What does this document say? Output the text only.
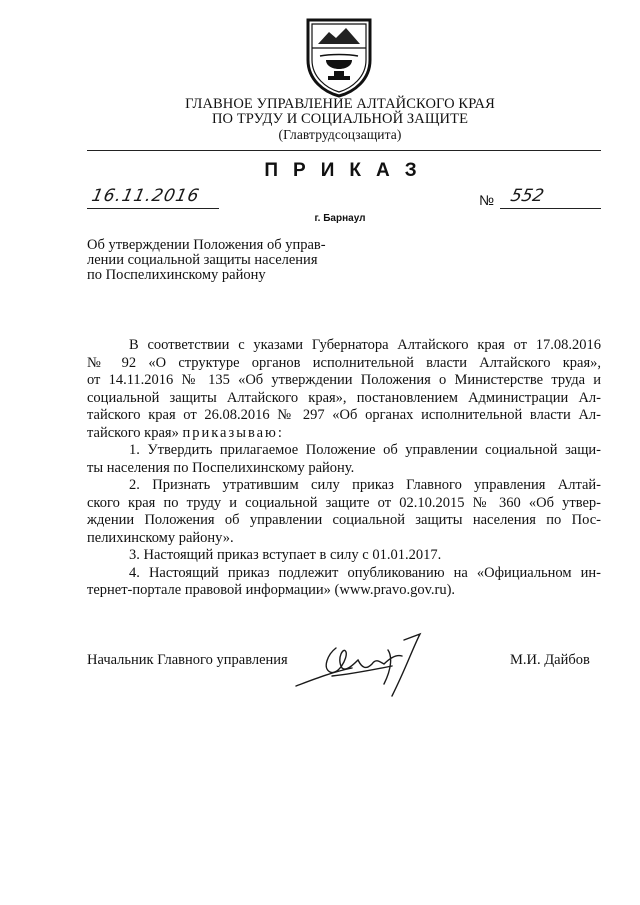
ГЛАВНОЕ УПРАВЛЕНИЕ АЛТАЙСКОГО КРАЯ
ПО ТРУДУ И СОЦИАЛЬНОЙ ЗАЩИТЕ
(Главтрудсоцзащита)
ПРИКАЗ
16.11.2016	№ 552
г. Барнаул
Об утверждении Положения об управ-
лении социальной защиты населения
по Поспелихинскому району
В соответствии с указами Губернатора Алтайского края от 17.08.2016
№ 92 «О структуре органов исполнительной власти Алтайского края»,
от 14.11.2016 № 135 «Об утверждении Положения о Министерстве труда и
социальной защиты Алтайского края», постановлением Администрации Ал-
тайского края от 26.08.2016 № 297 «Об органах исполнительной власти Ал-
тайского края» приказываю:
1. Утвердить прилагаемое Положение об управлении социальной защи-
ты населения по Поспелихинскому району.
2. Признать утратившим силу приказ Главного управления Алтай-
ского края по труду и социальной защите от 02.10.2015 № 360 «Об утвер-
ждении Положения об управлении социальной защиты населения по Пос-
пелихинскому району».
3. Настоящий приказ вступает в силу с 01.01.2017.
4. Настоящий приказ подлежит опубликованию на «Официальном ин-
тернет-портале правовой информации» (www.pravo.gov.ru).
Начальник Главного управления	М.И. Дайбов
